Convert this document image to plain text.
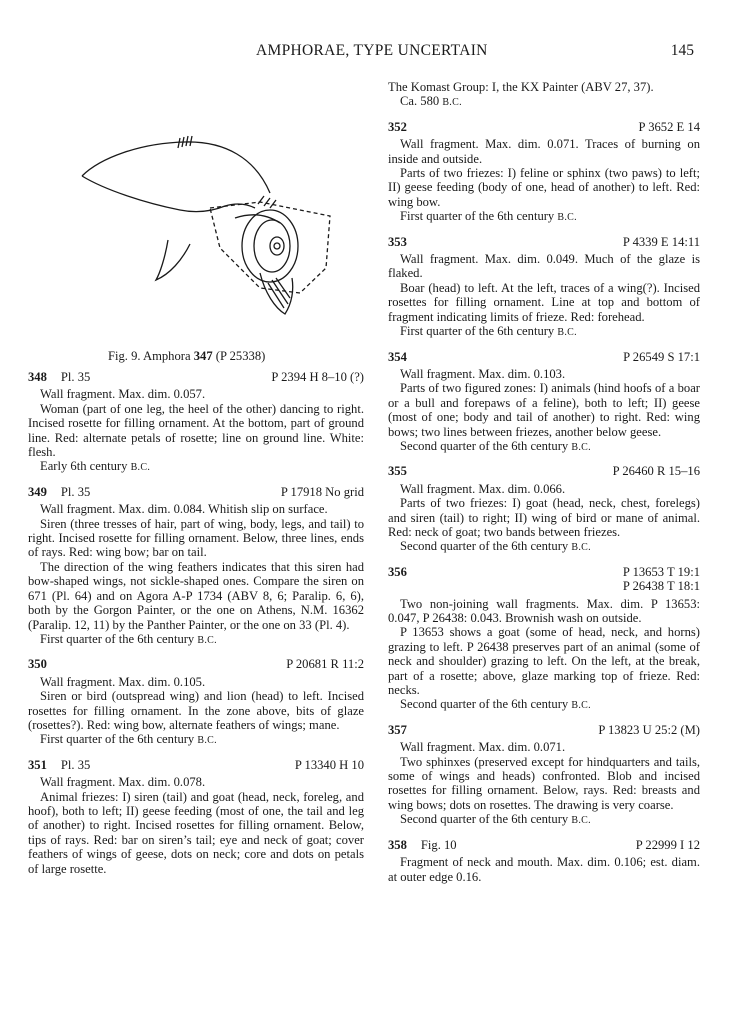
AMPHORAE, TYPE UNCERTAIN	145
Fig. 9. Amphora 347 (P 25338)
348 Pl. 35	P 2394 H 8–10 (?)

Wall fragment. Max. dim. 0.057.

Woman (part of one leg, the heel of the other) dancing to right. Incised rosette for filling ornament. At the bottom, part of ground line. Red: alternate petals of rosette; line on ground line. White: flesh.

Early 6th century B.C.

349 Pl. 35	P 17918 No grid

Wall fragment. Max. dim. 0.084. Whitish slip on surface.

Siren (three tresses of hair, part of wing, body, legs, and tail) to right. Incised rosette for filling ornament. Below, three lines, ends of rays. Red: wing bow; bar on tail.

The direction of the wing feathers indicates that this siren had bow-shaped wings, not sickle-shaped ones. Compare the siren on 671 (Pl. 64) and on Agora A-P 1734 (ABV 8, 6; Paralip. 6, 6), both by the Gorgon Painter, or the one on Athens, N.M. 16362 (Paralip. 12, 11) by the Panther Painter, or the one on 33 (Pl. 4).

First quarter of the 6th century B.C.

350	P 20681 R 11:2

Wall fragment. Max. dim. 0.105.

Siren or bird (outspread wing) and lion (head) to left. Incised rosettes for filling ornament. In the zone above, bits of glaze (rosettes?). Red: wing bow, alternate feathers of wings; mane.

First quarter of the 6th century B.C.

351 Pl. 35	P 13340 H 10

Wall fragment. Max. dim. 0.078.

Animal friezes: I) siren (tail) and goat (head, neck, foreleg, and hoof), both to left; II) geese feeding (most of one, the tail and leg of another) to right. Incised rosettes for filling ornament. Below, tips of rays. Red: bar on siren’s tail; eye and neck of goat; cover feathers of wings of geese, dots on neck; core and dots on petals of large rosette.

The Komast Group: I, the KX Painter (ABV 27, 37).

Ca. 580 B.C.

352	P 3652 E 14

Wall fragment. Max. dim. 0.071. Traces of burning on inside and outside.

Parts of two friezes: I) feline or sphinx (two paws) to left; II) geese feeding (body of one, head of another) to left. Red: wing bow.

First quarter of the 6th century B.C.

353	P 4339 E 14:11

Wall fragment. Max. dim. 0.049. Much of the glaze is flaked.

Boar (head) to left. At the left, traces of a wing(?). Incised rosettes for filling ornament. Line at top and bottom of fragment indicating limits of frieze. Red: forehead.

First quarter of the 6th century B.C.

354	P 26549 S 17:1

Wall fragment. Max. dim. 0.103.

Parts of two figured zones: I) animals (hind hoofs of a boar or a bull and forepaws of a feline), both to left; II) geese (most of one; body and tail of another) to right. Red: wing bows; two lines between friezes, another below geese.

Second quarter of the 6th century B.C.

355	P 26460 R 15–16

Wall fragment. Max. dim. 0.066.

Parts of two friezes: I) goat (head, neck, chest, forelegs) and siren (tail) to right; II) wing of bird or mane of animal. Red: neck of goat; two bands between friezes.

Second quarter of the 6th century B.C.

356	P 13653 T 19:1
P 26438 T 18:1

Two non-joining wall fragments. Max. dim. P 13653: 0.047, P 26438: 0.043. Brownish wash on outside.

P 13653 shows a goat (some of head, neck, and horns) grazing to left. P 26438 preserves part of an animal (some of neck and shoulder) grazing to left. On the left, at the break, part of a rosette; above, glaze marking top of frieze. Red: necks.

Second quarter of the 6th century B.C.

357	P 13823 U 25:2 (M)

Wall fragment. Max. dim. 0.071.

Two sphinxes (preserved except for hindquarters and tails, some of wings and heads) confronted. Blob and incised rosettes for filling ornament. Below, rays. Red: breasts and wing bows; dots on rosettes. The drawing is very coarse.

Second quarter of the 6th century B.C.

358 Fig. 10	P 22999 I 12

Fragment of neck and mouth. Max. dim. 0.106; est. diam. at outer edge 0.16.
